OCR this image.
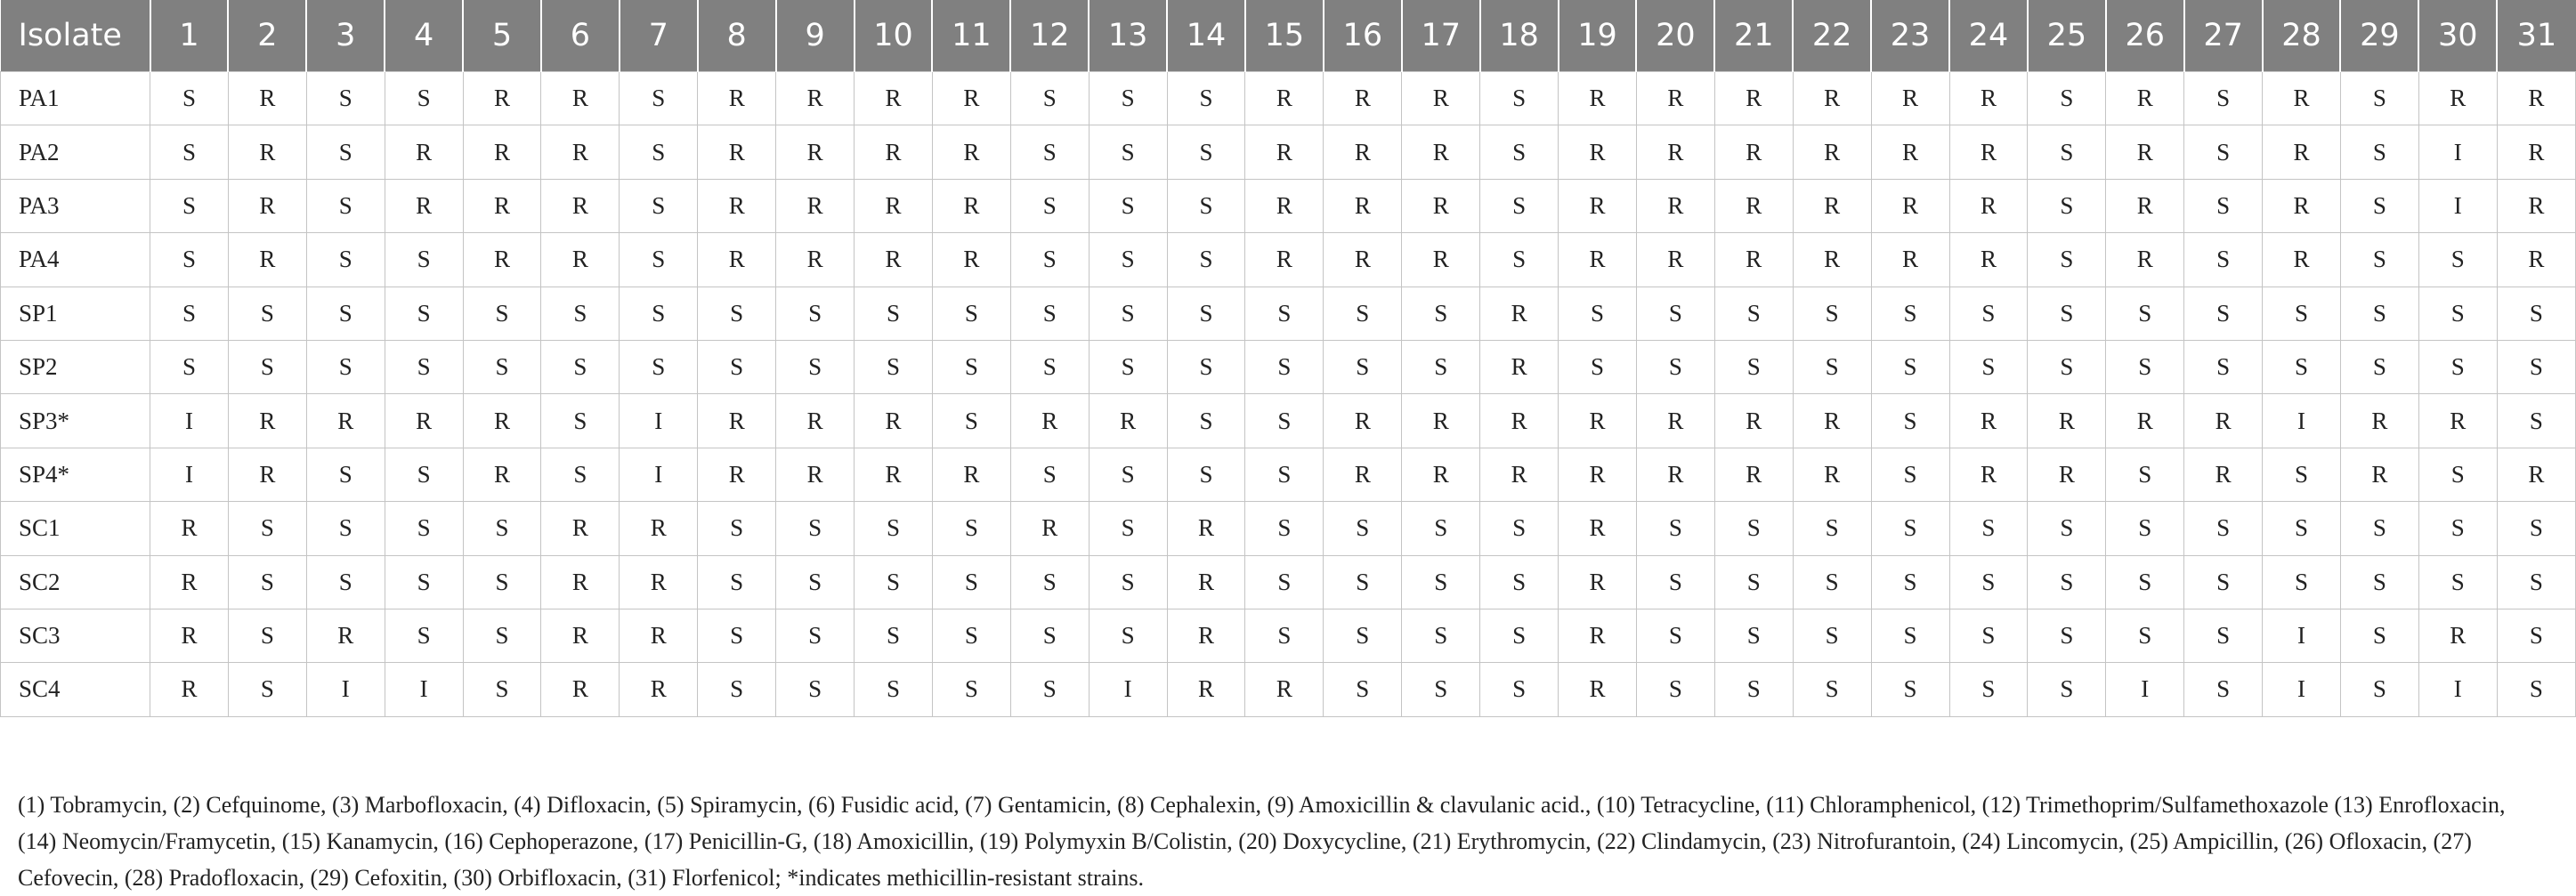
Isolate	1	2	3	4	5	6	7	8	9	10	11	12	13	14	15	16	17	18	19	20	21	22	23	24	25	26	27	28	29	30	31
PA1	S	R	S	S	R	R	S	R	R	R	R	S	S	S	R	R	R	S	R	R	R	R	R	R	S	R	S	R	S	R	R
PA2	S	R	S	R	R	R	S	R	R	R	R	S	S	S	R	R	R	S	R	R	R	R	R	R	S	R	S	R	S	I	R
PA3	S	R	S	R	R	R	S	R	R	R	R	S	S	S	R	R	R	S	R	R	R	R	R	R	S	R	S	R	S	I	R
PA4	S	R	S	S	R	R	S	R	R	R	R	S	S	S	R	R	R	S	R	R	R	R	R	R	S	R	S	R	S	S	R
SP1	S	S	S	S	S	S	S	S	S	S	S	S	S	S	S	S	S	R	S	S	S	S	S	S	S	S	S	S	S	S	S
SP2	S	S	S	S	S	S	S	S	S	S	S	S	S	S	S	S	S	R	S	S	S	S	S	S	S	S	S	S	S	S	S
SP3*	I	R	R	R	R	S	I	R	R	R	S	R	R	S	S	R	R	R	R	R	R	R	S	R	R	R	R	I	R	R	S
SP4*	I	R	S	S	R	S	I	R	R	R	R	S	S	S	S	R	R	R	R	R	R	R	S	R	R	S	R	S	R	S	R
SC1	R	S	S	S	S	R	R	S	S	S	S	R	S	R	S	S	S	S	R	S	S	S	S	S	S	S	S	S	S	S	S
SC2	R	S	S	S	S	R	R	S	S	S	S	S	S	R	S	S	S	S	R	S	S	S	S	S	S	S	S	S	S	S	S
SC3	R	S	R	S	S	R	R	S	S	S	S	S	S	R	S	S	S	S	R	S	S	S	S	S	S	S	S	I	S	R	S
SC4	R	S	I	I	S	R	R	S	S	S	S	S	I	R	R	S	S	S	R	S	S	S	S	S	S	I	S	I	S	I	S

(1) Tobramycin, (2) Cefquinome, (3) Marbofloxacin, (4) Difloxacin, (5) Spiramycin, (6) Fusidic acid, (7) Gentamicin, (8) Cephalexin, (9) Amoxicillin & clavulanic acid., (10) Tetracycline, (11) Chloramphenicol, (12) Trimethoprim/Sulfamethoxazole (13) Enrofloxacin,
(14) Neomycin/Framycetin, (15) Kanamycin, (16) Cephoperazone, (17) Penicillin-G, (18) Amoxicillin, (19) Polymyxin B/Colistin, (20) Doxycycline, (21) Erythromycin, (22) Clindamycin, (23) Nitrofurantoin, (24) Lincomycin, (25) Ampicillin, (26) Ofloxacin, (27)
Cefovecin, (28) Pradofloxacin, (29) Cefoxitin, (30) Orbifloxacin, (31) Florfenicol; *indicates methicillin-resistant strains.
